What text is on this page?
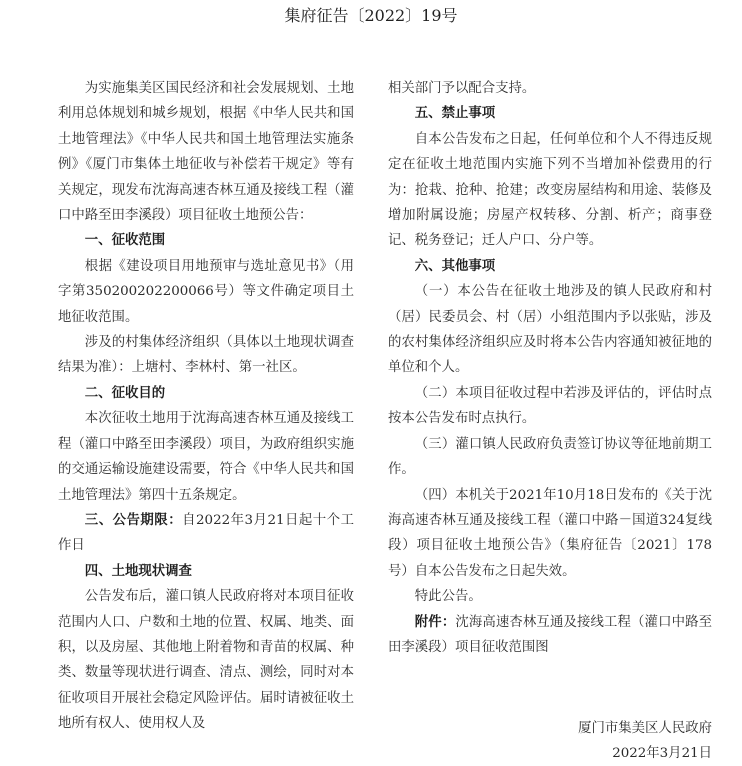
集府征告〔2022〕19号

为实施集美区国民经济和社会发展规划、土地利用总体规划和城乡规划，根据《中华人民共和国土地管理法》《中华人民共和国土地管理法实施条例》《厦门市集体土地征收与补偿若干规定》等有关规定，现发布沈海高速杏林互通及接线工程（灌口中路至田李溪段）项目征收土地预公告：

一、征收范围

根据《建设项目用地预审与选址意见书》（用字第350200202200066号）等文件确定项目土地征收范围。

涉及的村集体经济组织（具体以土地现状调查结果为准）：上塘村、李林村、第一社区。

二、征收目的

本次征收土地用于沈海高速杏林互通及接线工程（灌口中路至田李溪段）项目，为政府组织实施的交通运输设施建设需要，符合《中华人民共和国土地管理法》第四十五条规定。

三、公告期限：自2022年3月21日起十个工作日

四、土地现状调查

公告发布后，灌口镇人民政府将对本项目征收范围内人口、户数和土地的位置、权属、地类、面积，以及房屋、其他地上附着物和青苗的权属、种类、数量等现状进行调查、清点、测绘，同时对本征收项目开展社会稳定风险评估。届时请被征收土地所有权人、使用权人及

相关部门予以配合支持。

五、禁止事项

自本公告发布之日起，任何单位和个人不得违反规定在征收土地范围内实施下列不当增加补偿费用的行为：抢栽、抢种、抢建；改变房屋结构和用途、装修及增加附属设施；房屋产权转移、分割、析产；商事登记、税务登记；迁人户口、分户等。

六、其他事项

（一）本公告在征收土地涉及的镇人民政府和村（居）民委员会、村（居）小组范围内予以张贴，涉及的农村集体经济组织应及时将本公告内容通知被征地的单位和个人。

（二）本项目征收过程中若涉及评估的，评估时点按本公告发布时点执行。

（三）灌口镇人民政府负责签订协议等征地前期工作。

（四）本机关于2021年10月18日发布的《关于沈海高速杏林互通及接线工程（灌口中路－国道324复线段）项目征收土地预公告》（集府征告〔2021〕178号）自本公告发布之日起失效。

特此公告。

附件：沈海高速杏林互通及接线工程（灌口中路至田李溪段）项目征收范围图

厦门市集美区人民政府
2022年3月21日
